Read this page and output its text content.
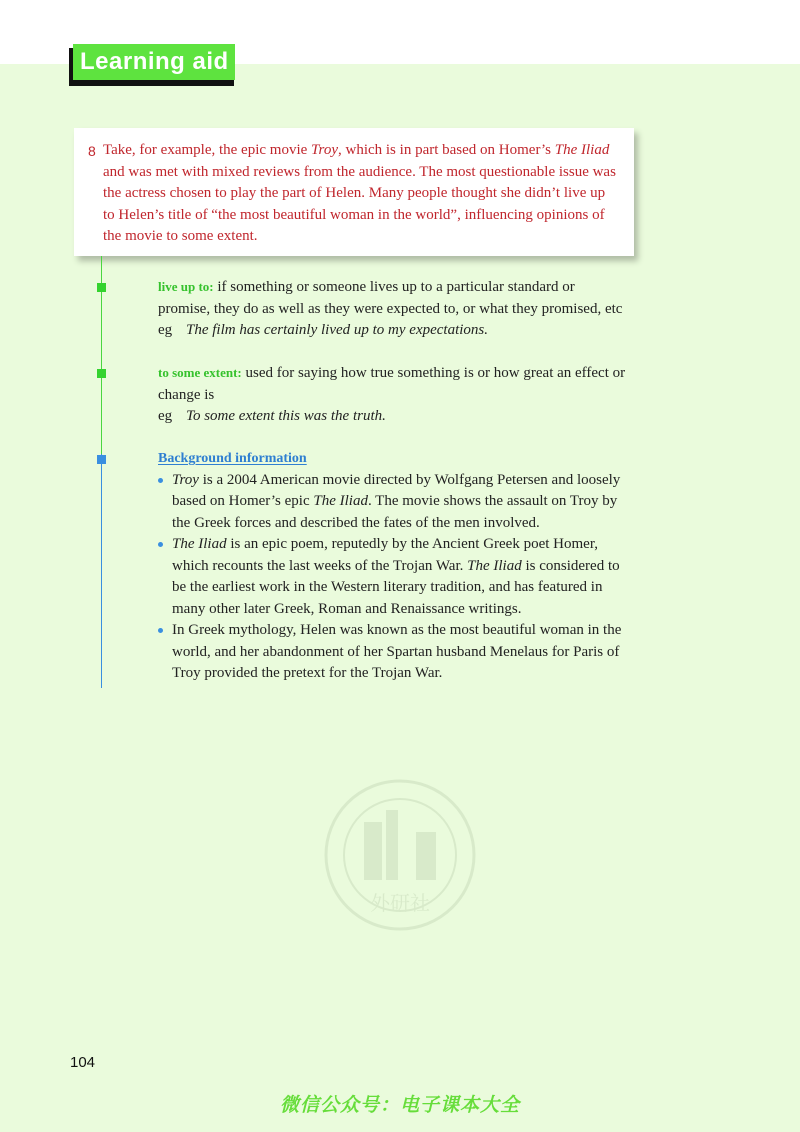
Learning aid
8 Take, for example, the epic movie Troy, which is in part based on Homer’s The Iliad
and was met with mixed reviews from the audience. The most questionable issue was
the actress chosen to play the part of Helen. Many people thought she didn’t live up
to Helen’s title of “the most beautiful woman in the world”, influencing opinions of
the movie to some extent.
live up to: if something or someone lives up to a particular standard or
promise, they do as well as they were expected to, or what they promised, etc
eg The film has certainly lived up to my expectations.
to some extent: used for saying how true something is or how great an effect or
change is
eg To some extent this was the truth.
Background information
Troy is a 2004 American movie directed by Wolfgang Petersen and loosely
based on Homer’s epic The Iliad. The movie shows the assault on Troy by
the Greek forces and described the fates of the men involved.
The Iliad is an epic poem, reputedly by the Ancient Greek poet Homer,
which recounts the last weeks of the Trojan War. The Iliad is considered to
be the earliest work in the Western literary tradition, and has featured in
many other later Greek, Roman and Renaissance writings.
In Greek mythology, Helen was known as the most beautiful woman in the
world, and her abandonment of her Spartan husband Menelaus for Paris of
Troy provided the pretext for the Trojan War.
外研社
104
微信公众号：电子课本大全
